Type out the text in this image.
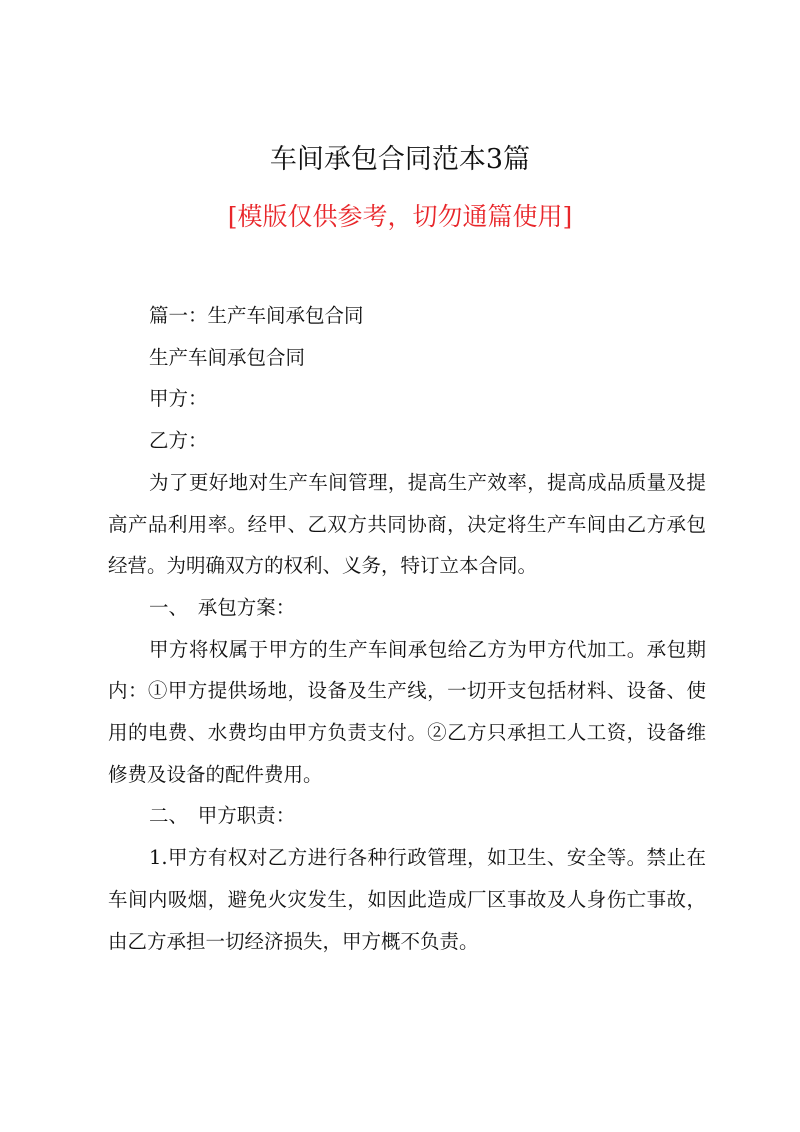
车间承包合同范本3篇
[模版仅供参考，切勿通篇使用]

篇一：生产车间承包合同

生产车间承包合同

甲方：

乙方：

为了更好地对生产车间管理，提高生产效率，提高成品质量及提高产品利用率。经甲、乙双方共同协商，决定将生产车间由乙方承包经营。为明确双方的权利、义务，特订立本合同。

一、　承包方案：

甲方将权属于甲方的生产车间承包给乙方为甲方代加工。承包期内：①甲方提供场地，设备及生产线，一切开支包括材料、设备、使用的电费、水费均由甲方负责支付。②乙方只承担工人工资，设备维修费及设备的配件费用。

二、　甲方职责：

1.甲方有权对乙方进行各种行政管理，如卫生、安全等。禁止在车间内吸烟，避免火灾发生，如因此造成厂区事故及人身伤亡事故，由乙方承担一切经济损失，甲方概不负责。
